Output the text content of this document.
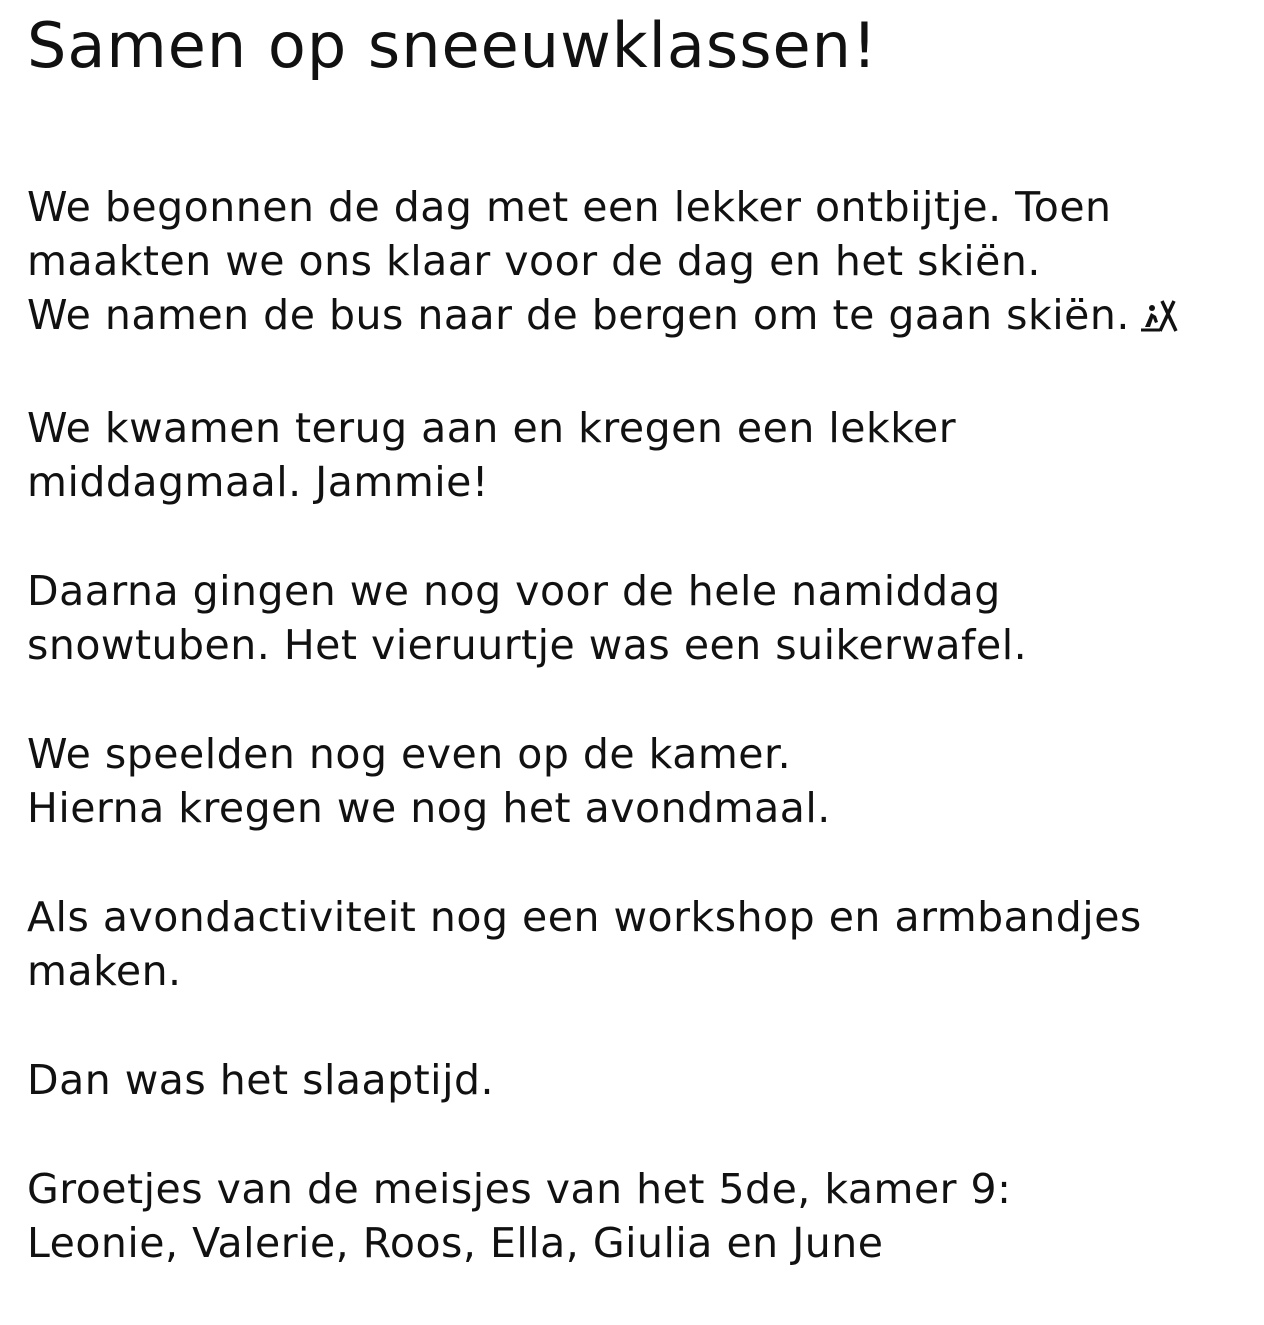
Samen op sneeuwklassen!

We begonnen de dag met een lekker ontbijtje. Toen
maakten we ons klaar voor de dag en het skiën.
We namen de bus naar de bergen om te gaan skiën.

We kwamen terug aan en kregen een lekker
middagmaal. Jammie!

Daarna gingen we nog voor de hele namiddag
snowtuben. Het vieruurtje was een suikerwafel.

We speelden nog even op de kamer.
Hierna kregen we nog het avondmaal.

Als avondactiviteit nog een workshop en armbandjes
maken.

Dan was het slaaptijd.

Groetjes van de meisjes van het 5de, kamer 9:
Leonie, Valerie, Roos, Ella, Giulia en June
